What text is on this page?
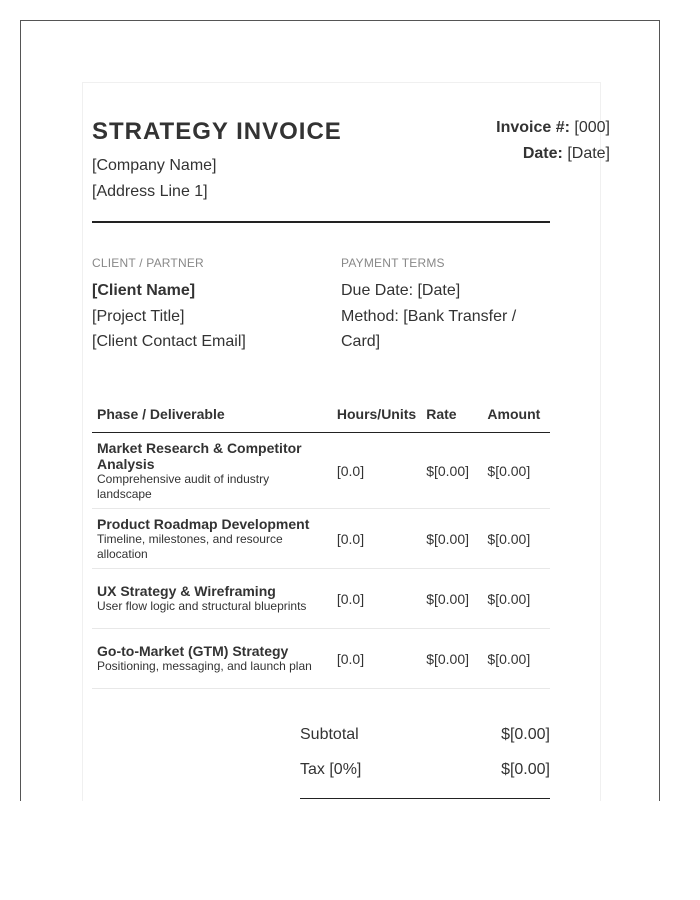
STRATEGY INVOICE
[Company Name]
[Address Line 1]
Invoice #: [000]
Date: [Date]
CLIENT / PARTNER
[Client Name]
[Project Title]
[Client Contact Email]
PAYMENT TERMS
Due Date: [Date]
Method: [Bank Transfer /
Card]
Phase / Deliverable	Hours/Units	Rate	Amount

Market Research & Competitor Analysis
Comprehensive audit of industry landscape	[0.0]	$[0.00]	$[0.00]

Product Roadmap Development
Timeline, milestones, and resource allocation	[0.0]	$[0.00]	$[0.00]

UX Strategy & Wireframing
User flow logic and structural blueprints	[0.0]	$[0.00]	$[0.00]

Go-to-Market (GTM) Strategy
Positioning, messaging, and launch plan	[0.0]	$[0.00]	$[0.00]
Subtotal	$[0.00]
Tax [0%]	$[0.00]
